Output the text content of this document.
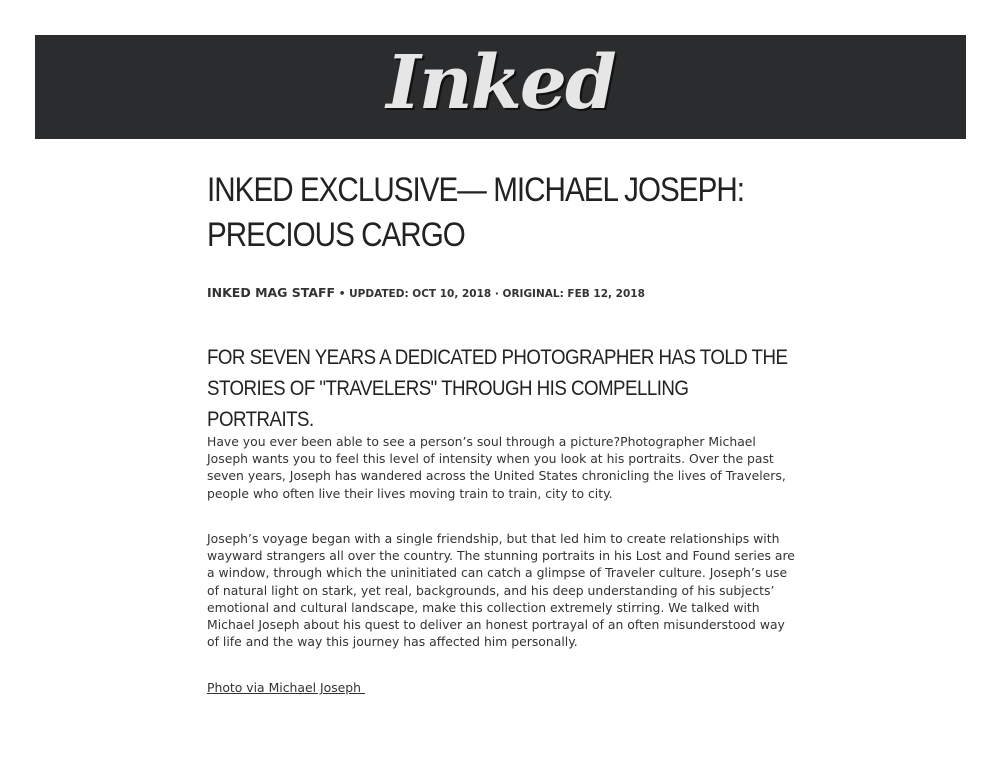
Inked
INKED EXCLUSIVE— MICHAEL JOSEPH: PRECIOUS CARGO
INKED MAG STAFF • UPDATED: OCT 10, 2018 · ORIGINAL: FEB 12, 2018
FOR SEVEN YEARS A DEDICATED PHOTOGRAPHER HAS TOLD THE STORIES OF "TRAVELERS" THROUGH HIS COMPELLING PORTRAITS.

Have you ever been able to see a person’s soul through a picture?Photographer Michael Joseph wants you to feel this level of intensity when you look at his portraits. Over the past seven years, Joseph has wandered across the United States chronicling the lives of Travelers, people who often live their lives moving train to train, city to city.

Joseph’s voyage began with a single friendship, but that led him to create relationships with wayward strangers all over the country. The stunning portraits in his Lost and Found series are a window, through which the uninitiated can catch a glimpse of Traveler culture. Joseph’s use of natural light on stark, yet real, backgrounds, and his deep understanding of his subjects’ emotional and cultural landscape, make this collection extremely stirring. We talked with Michael Joseph about his quest to deliver an honest portrayal of an often misunderstood way of life and the way this journey has affected him personally.

Photo via Michael Joseph
